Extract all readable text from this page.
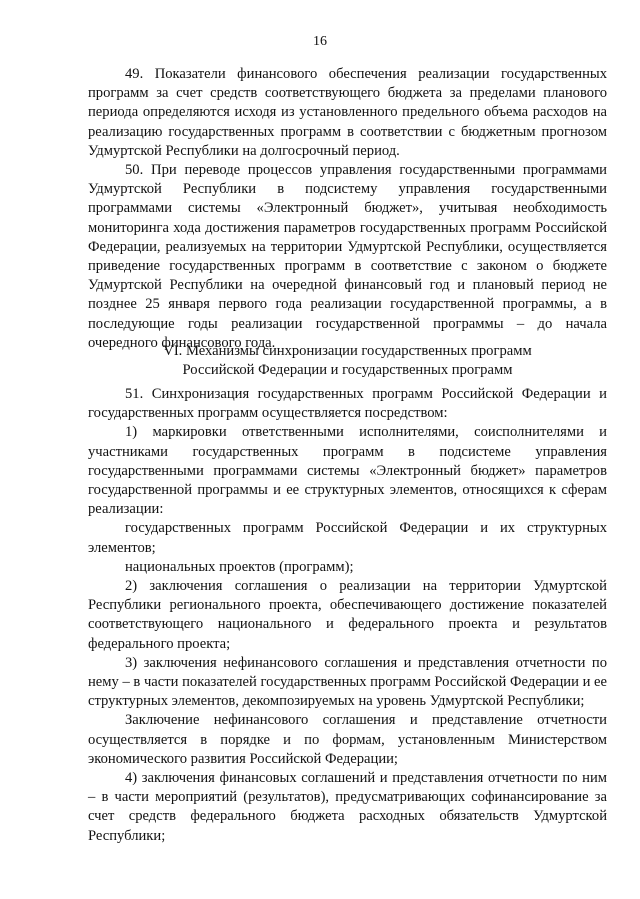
16

49. Показатели финансового обеспечения реализации государственных программ за счет средств соответствующего бюджета за пределами планового периода определяются исходя из установленного предельного объема расходов на реализацию государственных программ в соответствии с бюджетным прогнозом Удмуртской Республики на долгосрочный период.

50. При переводе процессов управления государственными программами Удмуртской Республики в подсистему управления государственными программами системы «Электронный бюджет», учитывая необходимость мониторинга хода достижения параметров государственных программ Российской Федерации, реализуемых на территории Удмуртской Республики, осуществляется приведение государственных программ в соответствие с законом о бюджете Удмуртской Республики на очередной финансовый год и плановый период не позднее 25 января первого года реализации государственной программы, а в последующие годы реализации государственной программы – до начала очередного финансового года.

VI. Механизмы синхронизации государственных программ
Российской Федерации и государственных программ

51. Синхронизация государственных программ Российской Федерации и государственных программ осуществляется посредством:

1) маркировки ответственными исполнителями, соисполнителями и участниками государственных программ в подсистеме управления государственными программами системы «Электронный бюджет» параметров государственной программы и ее структурных элементов, относящихся к сферам реализации:

государственных программ Российской Федерации и их структурных элементов;

национальных проектов (программ);

2) заключения соглашения о реализации на территории Удмуртской Республики регионального проекта, обеспечивающего достижение показателей соответствующего национального и федерального проекта и результатов федерального проекта;

3) заключения нефинансового соглашения и представления отчетности по нему – в части показателей государственных программ Российской Федерации и ее структурных элементов, декомпозируемых на уровень Удмуртской Республики;

Заключение нефинансового соглашения и представление отчетности осуществляется в порядке и по формам, установленным Министерством экономического развития Российской Федерации;

4) заключения финансовых соглашений и представления отчетности по ним – в части мероприятий (результатов), предусматривающих софинансирование за счет средств федерального бюджета расходных обязательств Удмуртской Республики;
